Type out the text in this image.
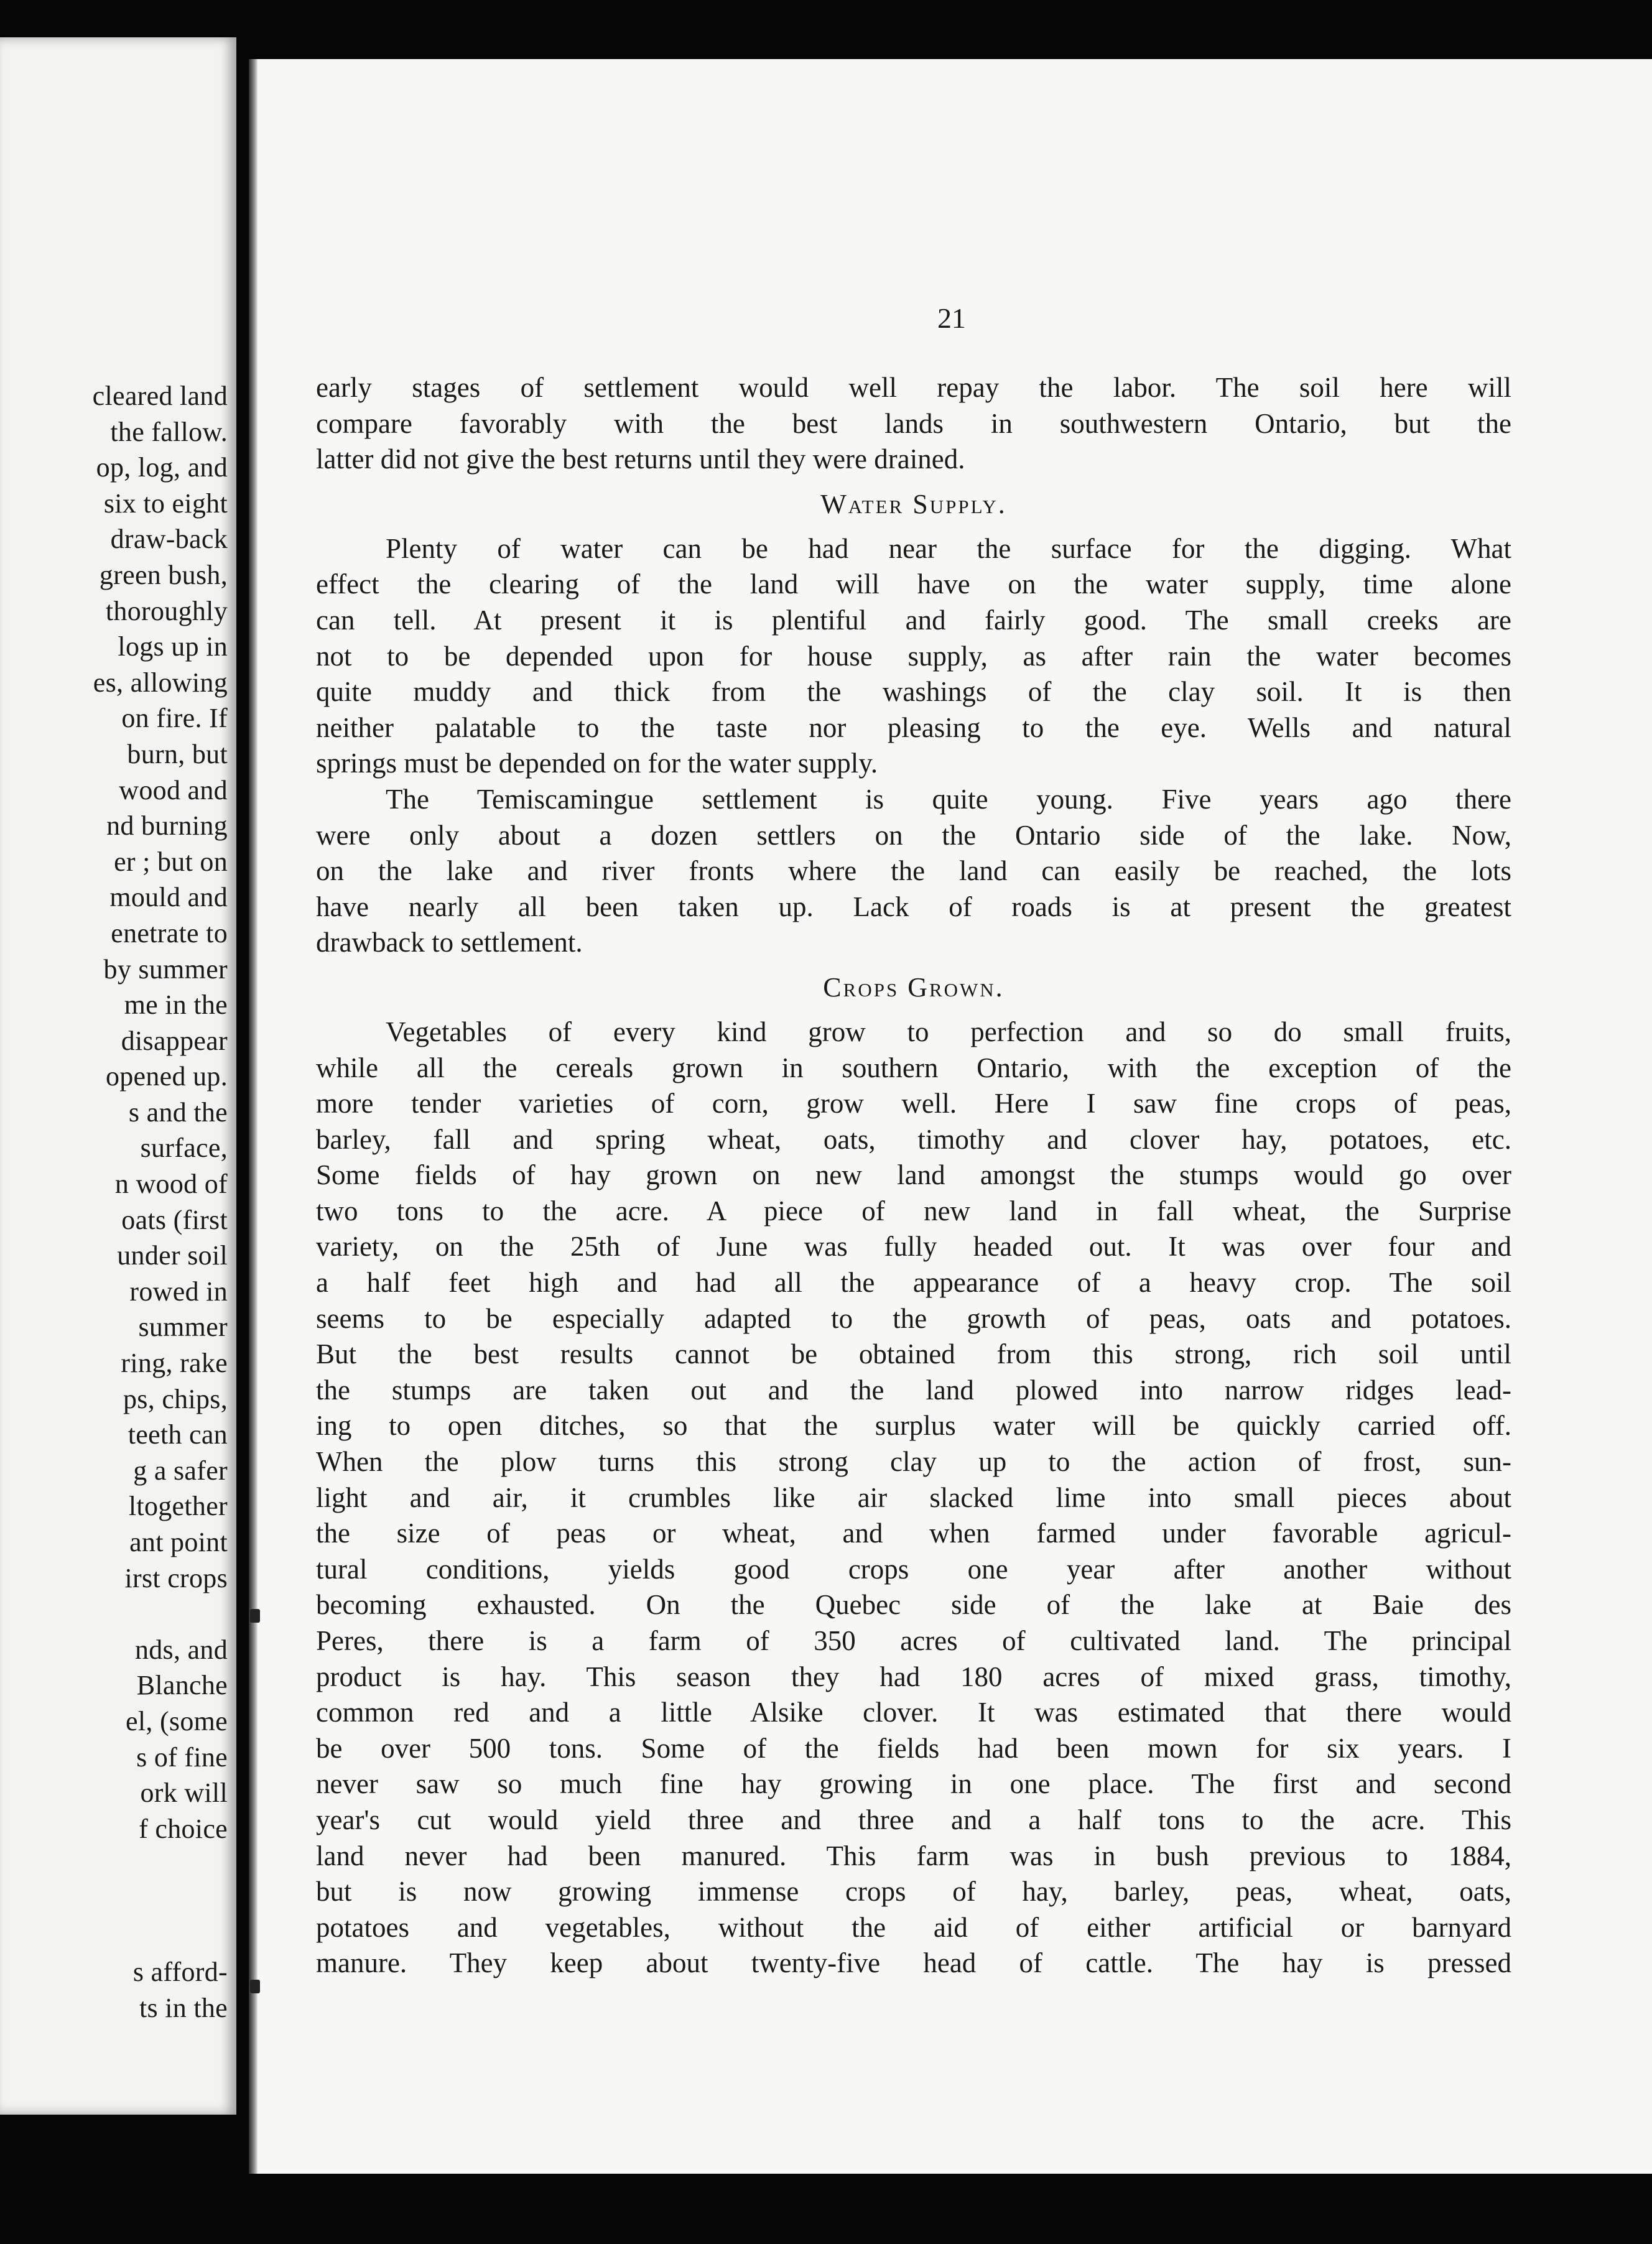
cleared land
the fallow.
op, log, and
six to eight
draw-back
green bush,
thoroughly
logs up in
es, allowing
on fire. If
burn, but
wood and
nd burning
er ; but on
mould and
enetrate to
by summer
me in the
disappear
opened up.
s and the
surface,
n wood of
oats (first
under soil
rowed in
summer
ring, rake
ps, chips,
teeth can
g a safer
ltogether
ant point
irst crops
nds, and
Blanche
el, (some
s of fine
ork will
f choice
s afford-
ts in the
21
early stages of settlement would well repay the labor. The soil here will
compare favorably with the best lands in southwestern Ontario, but the
latter did not give the best returns until they were drained.
Water Supply.
Plenty of water can be had near the surface for the digging. What
effect the clearing of the land will have on the water supply, time alone
can tell. At present it is plentiful and fairly good. The small creeks are
not to be depended upon for house supply, as after rain the water becomes
quite muddy and thick from the washings of the clay soil. It is then
neither palatable to the taste nor pleasing to the eye. Wells and natural
springs must be depended on for the water supply.
The Temiscamingue settlement is quite young. Five years ago there
were only about a dozen settlers on the Ontario side of the lake. Now,
on the lake and river fronts where the land can easily be reached, the lots
have nearly all been taken up. Lack of roads is at present the greatest
drawback to settlement.
Crops Grown.
Vegetables of every kind grow to perfection and so do small fruits,
while all the cereals grown in southern Ontario, with the exception of the
more tender varieties of corn, grow well. Here I saw fine crops of peas,
barley, fall and spring wheat, oats, timothy and clover hay, potatoes, etc.
Some fields of hay grown on new land amongst the stumps would go over
two tons to the acre. A piece of new land in fall wheat, the Surprise
variety, on the 25th of June was fully headed out. It was over four and
a half feet high and had all the appearance of a heavy crop. The soil
seems to be especially adapted to the growth of peas, oats and potatoes.
But the best results cannot be obtained from this strong, rich soil until
the stumps are taken out and the land plowed into narrow ridges lead-
ing to open ditches, so that the surplus water will be quickly carried off.
When the plow turns this strong clay up to the action of frost, sun-
light and air, it crumbles like air slacked lime into small pieces about
the size of peas or wheat, and when farmed under favorable agricul-
tural conditions, yields good crops one year after another without
becoming exhausted. On the Quebec side of the lake at Baie des
Peres, there is a farm of 350 acres of cultivated land. The principal
product is hay. This season they had 180 acres of mixed grass, timothy,
common red and a little Alsike clover. It was estimated that there would
be over 500 tons. Some of the fields had been mown for six years. I
never saw so much fine hay growing in one place. The first and second
year's cut would yield three and three and a half tons to the acre. This
land never had been manured. This farm was in bush previous to 1884,
but is now growing immense crops of hay, barley, peas, wheat, oats,
potatoes and vegetables, without the aid of either artificial or barnyard
manure. They keep about twenty-five head of cattle. The hay is pressed
